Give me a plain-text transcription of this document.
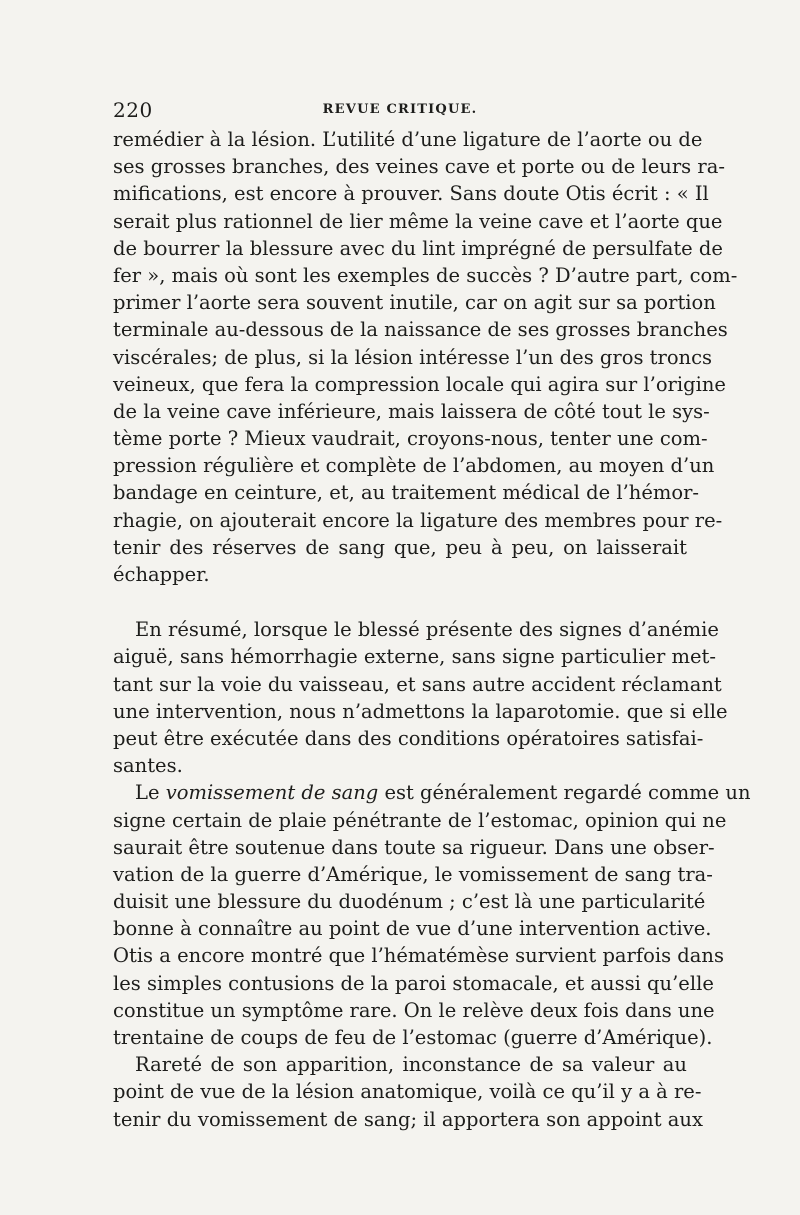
220	REVUE CRITIQUE.
remédier à la lésion. L’utilité d’une ligature de l’aorte ou de
ses grosses branches, des veines cave et porte ou de leurs ra-
mifications, est encore à prouver. Sans doute Otis écrit : « Il
serait plus rationnel de lier même la veine cave et l’aorte que
de bourrer la blessure avec du lint imprégné de persulfate de
fer », mais où sont les exemples de succès ? D’autre part, com-
primer l’aorte sera souvent inutile, car on agit sur sa portion
terminale au-dessous de la naissance de ses grosses branches
viscérales; de plus, si la lésion intéresse l’un des gros troncs
veineux, que fera la compression locale qui agira sur l’origine
de la veine cave inférieure, mais laissera de côté tout le sys-
tème porte ? Mieux vaudrait, croyons-nous, tenter une com-
pression régulière et complète de l’abdomen, au moyen d’un
bandage en ceinture, et, au traitement médical de l’hémor-
rhagie, on ajouterait encore la ligature des membres pour re-
tenir des réserves de sang que, peu à peu, on laisserait
échapper.
En résumé, lorsque le blessé présente des signes d’anémie
aiguë, sans hémorrhagie externe, sans signe particulier met-
tant sur la voie du vaisseau, et sans autre accident réclamant
une intervention, nous n’admettons la laparotomie. que si elle
peut être exécutée dans des conditions opératoires satisfai-
santes.
Le vomissement de sang est généralement regardé comme un
signe certain de plaie pénétrante de l’estomac, opinion qui ne
saurait être soutenue dans toute sa rigueur. Dans une obser-
vation de la guerre d’Amérique, le vomissement de sang tra-
duisit une blessure du duodénum ; c’est là une particularité
bonne à connaître au point de vue d’une intervention active.
Otis a encore montré que l’hématémèse survient parfois dans
les simples contusions de la paroi stomacale, et aussi qu’elle
constitue un symptôme rare. On le relève deux fois dans une
trentaine de coups de feu de l’estomac (guerre d’Amérique).
Rareté de son apparition, inconstance de sa valeur au
point de vue de la lésion anatomique, voilà ce qu’il y a à re-
tenir du vomissement de sang; il apportera son appoint aux
